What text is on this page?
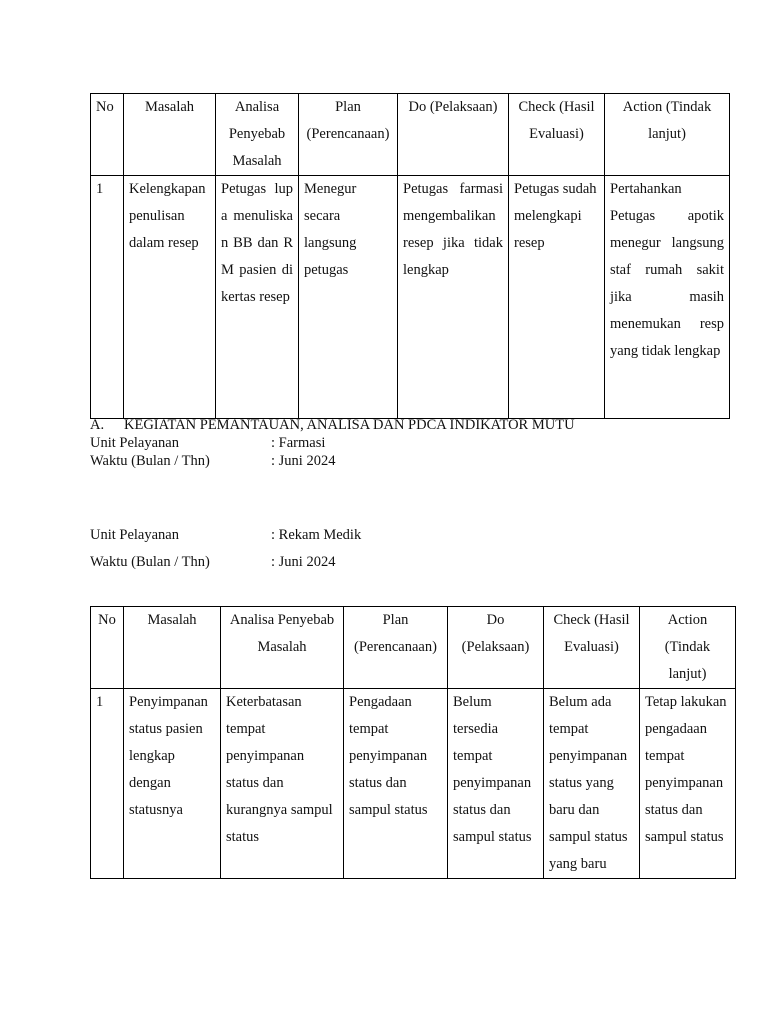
No	Masalah	Analisa Penyebab Masalah	Plan (Perencanaan)	Do (Pelaksaan)	Check (Hasil Evaluasi)	Action (Tindak lanjut)
1	Kelengkapan penulisan dalam resep	Petugas lupa menuliskan BB dan RM pasien di kertas resep	Menegur secara langsung petugas	Petugas farmasi mengembalikan resep jika tidak lengkap	Petugas sudah melengkapi resep	Pertahankan Petugas apotik menegur langsung staf rumah sakit jika masih menemukan resp yang tidak lengkap
A. KEGIATAN PEMANTAUAN, ANALISA DAN PDCA INDIKATOR MUTU
Unit Pelayanan	: Farmasi
Waktu (Bulan / Thn)	: Juni 2024
Unit Pelayanan	: Rekam Medik
Waktu (Bulan / Thn)	: Juni 2024
No	Masalah	Analisa Penyebab Masalah	Plan (Perencanaan)	Do (Pelaksaan)	Check (Hasil Evaluasi)	Action (Tindak lanjut)
1	Penyimpanan status pasien lengkap dengan statusnya	Keterbatasan tempat penyimpanan status dan kurangnya sampul status	Pengadaan tempat penyimpanan status dan sampul status	Belum tersedia tempat penyimpanan status dan sampul status	Belum ada tempat penyimpanan status yang baru dan sampul status yang baru	Tetap lakukan pengadaan tempat penyimpanan status dan sampul status
